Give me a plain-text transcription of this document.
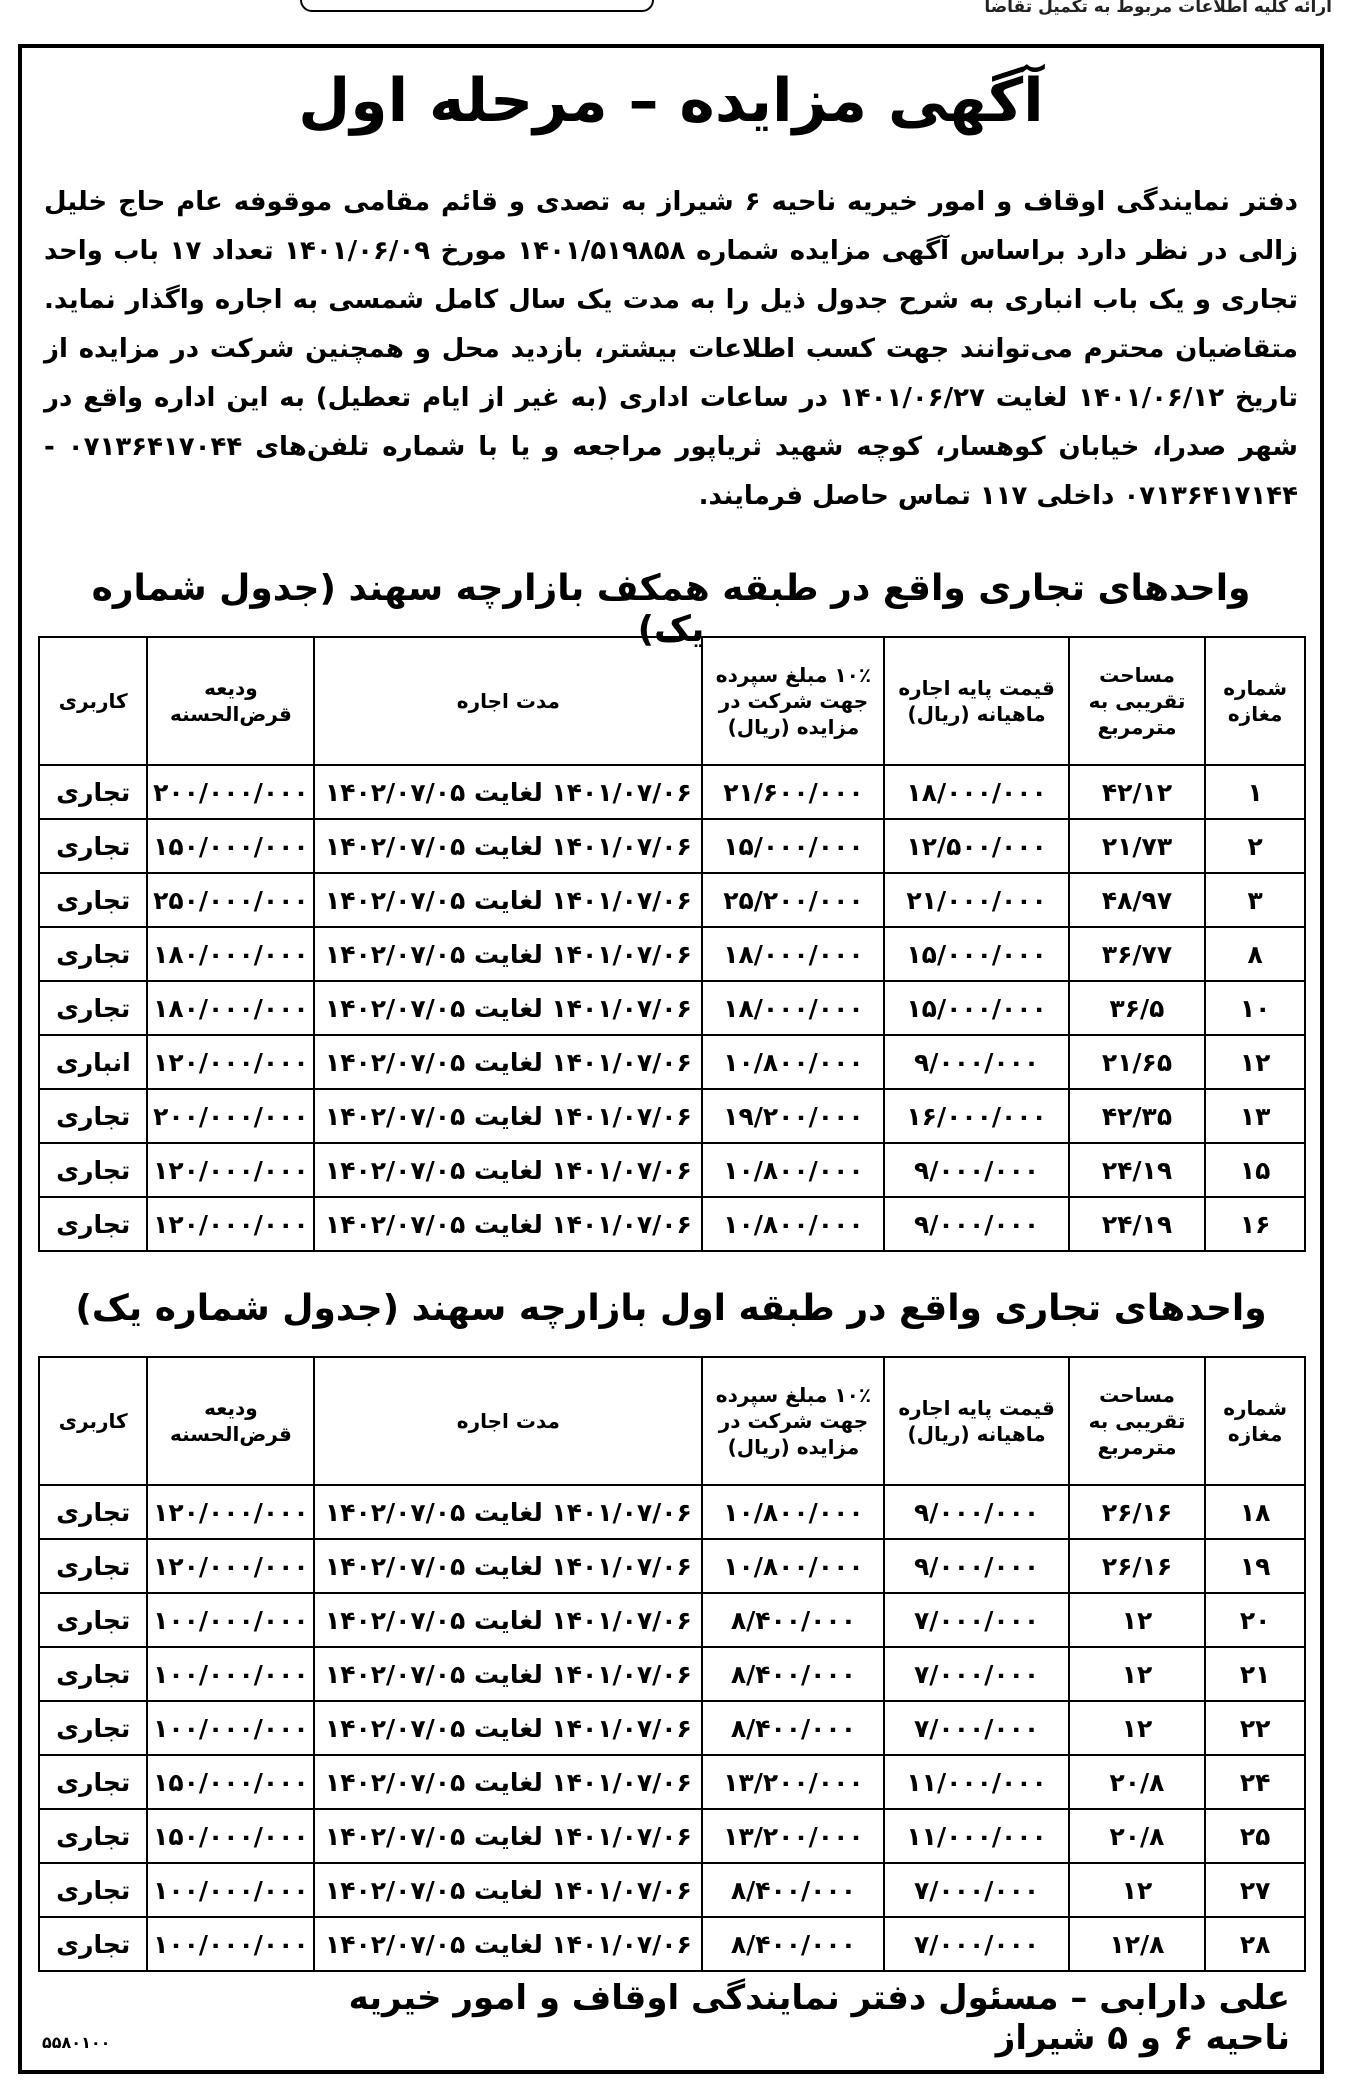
ارائه کلیه اطلاعات مربوط به تکمیل تقاضا
آگهی مزایده – مرحله اول
دفتر نمایندگی اوقاف و امور خیریه ناحیه ۶ شیراز به تصدی و قائم مقامی موقوفه عام حاج خلیل زالی در نظر دارد براساس آگهی مزایده شماره ۱۴۰۱/۵۱۹۸۵۸ مورخ ۱۴۰۱/۰۶/۰۹ تعداد ۱۷ باب واحد تجاری و یک باب انباری به شرح جدول ذیل را به مدت یک سال کامل شمسی به اجاره واگذار نماید. متقاضیان محترم می‌توانند جهت کسب اطلاعات بیشتر، بازدید محل و همچنین شرکت در مزایده از تاریخ ۱۴۰۱/۰۶/۱۲ لغایت ۱۴۰۱/۰۶/۲۷ در ساعات اداری (به غیر از ایام تعطیل) به این اداره واقع در شهر صدرا، خیابان کوهسار، کوچه شهید ثریاپور مراجعه و یا با شماره تلفن‌های ۰۷۱۳۶۴۱۷۰۴۴ - ۰۷۱۳۶۴۱۷۱۴۴ داخلی ۱۱۷ تماس حاصل فرمایند.
واحدهای تجاری واقع در طبقه همکف بازارچه سهند (جدول شماره یک)
شماره مغازه	مساحت تقریبی به مترمربع	قیمت پایه اجاره ماهیانه (ریال)	۱۰٪ مبلغ سپرده جهت شرکت در مزایده (ریال)	مدت اجاره	ودیعه قرض‌الحسنه	کاربری
۱	۴۲/۱۲	۱۸/۰۰۰/۰۰۰	۲۱/۶۰۰/۰۰۰	۱۴۰۱/۰۷/۰۶ لغایت ۱۴۰۲/۰۷/۰۵	۲۰۰/۰۰۰/۰۰۰	تجاری
۲	۲۱/۷۳	۱۲/۵۰۰/۰۰۰	۱۵/۰۰۰/۰۰۰	۱۴۰۱/۰۷/۰۶ لغایت ۱۴۰۲/۰۷/۰۵	۱۵۰/۰۰۰/۰۰۰	تجاری
۳	۴۸/۹۷	۲۱/۰۰۰/۰۰۰	۲۵/۲۰۰/۰۰۰	۱۴۰۱/۰۷/۰۶ لغایت ۱۴۰۲/۰۷/۰۵	۲۵۰/۰۰۰/۰۰۰	تجاری
۸	۳۶/۷۷	۱۵/۰۰۰/۰۰۰	۱۸/۰۰۰/۰۰۰	۱۴۰۱/۰۷/۰۶ لغایت ۱۴۰۲/۰۷/۰۵	۱۸۰/۰۰۰/۰۰۰	تجاری
۱۰	۳۶/۵	۱۵/۰۰۰/۰۰۰	۱۸/۰۰۰/۰۰۰	۱۴۰۱/۰۷/۰۶ لغایت ۱۴۰۲/۰۷/۰۵	۱۸۰/۰۰۰/۰۰۰	تجاری
۱۲	۲۱/۶۵	۹/۰۰۰/۰۰۰	۱۰/۸۰۰/۰۰۰	۱۴۰۱/۰۷/۰۶ لغایت ۱۴۰۲/۰۷/۰۵	۱۲۰/۰۰۰/۰۰۰	انباری
۱۳	۴۲/۳۵	۱۶/۰۰۰/۰۰۰	۱۹/۲۰۰/۰۰۰	۱۴۰۱/۰۷/۰۶ لغایت ۱۴۰۲/۰۷/۰۵	۲۰۰/۰۰۰/۰۰۰	تجاری
۱۵	۲۴/۱۹	۹/۰۰۰/۰۰۰	۱۰/۸۰۰/۰۰۰	۱۴۰۱/۰۷/۰۶ لغایت ۱۴۰۲/۰۷/۰۵	۱۲۰/۰۰۰/۰۰۰	تجاری
۱۶	۲۴/۱۹	۹/۰۰۰/۰۰۰	۱۰/۸۰۰/۰۰۰	۱۴۰۱/۰۷/۰۶ لغایت ۱۴۰۲/۰۷/۰۵	۱۲۰/۰۰۰/۰۰۰	تجاری
واحدهای تجاری واقع در طبقه اول بازارچه سهند (جدول شماره یک)
شماره مغازه	مساحت تقریبی به مترمربع	قیمت پایه اجاره ماهیانه (ریال)	۱۰٪ مبلغ سپرده جهت شرکت در مزایده (ریال)	مدت اجاره	ودیعه قرض‌الحسنه	کاربری
۱۸	۲۶/۱۶	۹/۰۰۰/۰۰۰	۱۰/۸۰۰/۰۰۰	۱۴۰۱/۰۷/۰۶ لغایت ۱۴۰۲/۰۷/۰۵	۱۲۰/۰۰۰/۰۰۰	تجاری
۱۹	۲۶/۱۶	۹/۰۰۰/۰۰۰	۱۰/۸۰۰/۰۰۰	۱۴۰۱/۰۷/۰۶ لغایت ۱۴۰۲/۰۷/۰۵	۱۲۰/۰۰۰/۰۰۰	تجاری
۲۰	۱۲	۷/۰۰۰/۰۰۰	۸/۴۰۰/۰۰۰	۱۴۰۱/۰۷/۰۶ لغایت ۱۴۰۲/۰۷/۰۵	۱۰۰/۰۰۰/۰۰۰	تجاری
۲۱	۱۲	۷/۰۰۰/۰۰۰	۸/۴۰۰/۰۰۰	۱۴۰۱/۰۷/۰۶ لغایت ۱۴۰۲/۰۷/۰۵	۱۰۰/۰۰۰/۰۰۰	تجاری
۲۲	۱۲	۷/۰۰۰/۰۰۰	۸/۴۰۰/۰۰۰	۱۴۰۱/۰۷/۰۶ لغایت ۱۴۰۲/۰۷/۰۵	۱۰۰/۰۰۰/۰۰۰	تجاری
۲۴	۲۰/۸	۱۱/۰۰۰/۰۰۰	۱۳/۲۰۰/۰۰۰	۱۴۰۱/۰۷/۰۶ لغایت ۱۴۰۲/۰۷/۰۵	۱۵۰/۰۰۰/۰۰۰	تجاری
۲۵	۲۰/۸	۱۱/۰۰۰/۰۰۰	۱۳/۲۰۰/۰۰۰	۱۴۰۱/۰۷/۰۶ لغایت ۱۴۰۲/۰۷/۰۵	۱۵۰/۰۰۰/۰۰۰	تجاری
۲۷	۱۲	۷/۰۰۰/۰۰۰	۸/۴۰۰/۰۰۰	۱۴۰۱/۰۷/۰۶ لغایت ۱۴۰۲/۰۷/۰۵	۱۰۰/۰۰۰/۰۰۰	تجاری
۲۸	۱۲/۸	۷/۰۰۰/۰۰۰	۸/۴۰۰/۰۰۰	۱۴۰۱/۰۷/۰۶ لغایت ۱۴۰۲/۰۷/۰۵	۱۰۰/۰۰۰/۰۰۰	تجاری
علی دارابی – مسئول دفتر نمایندگی اوقاف و امور خیریه ناحیه ۶ و ۵ شیراز
۵۵۸۰۱۰۰
